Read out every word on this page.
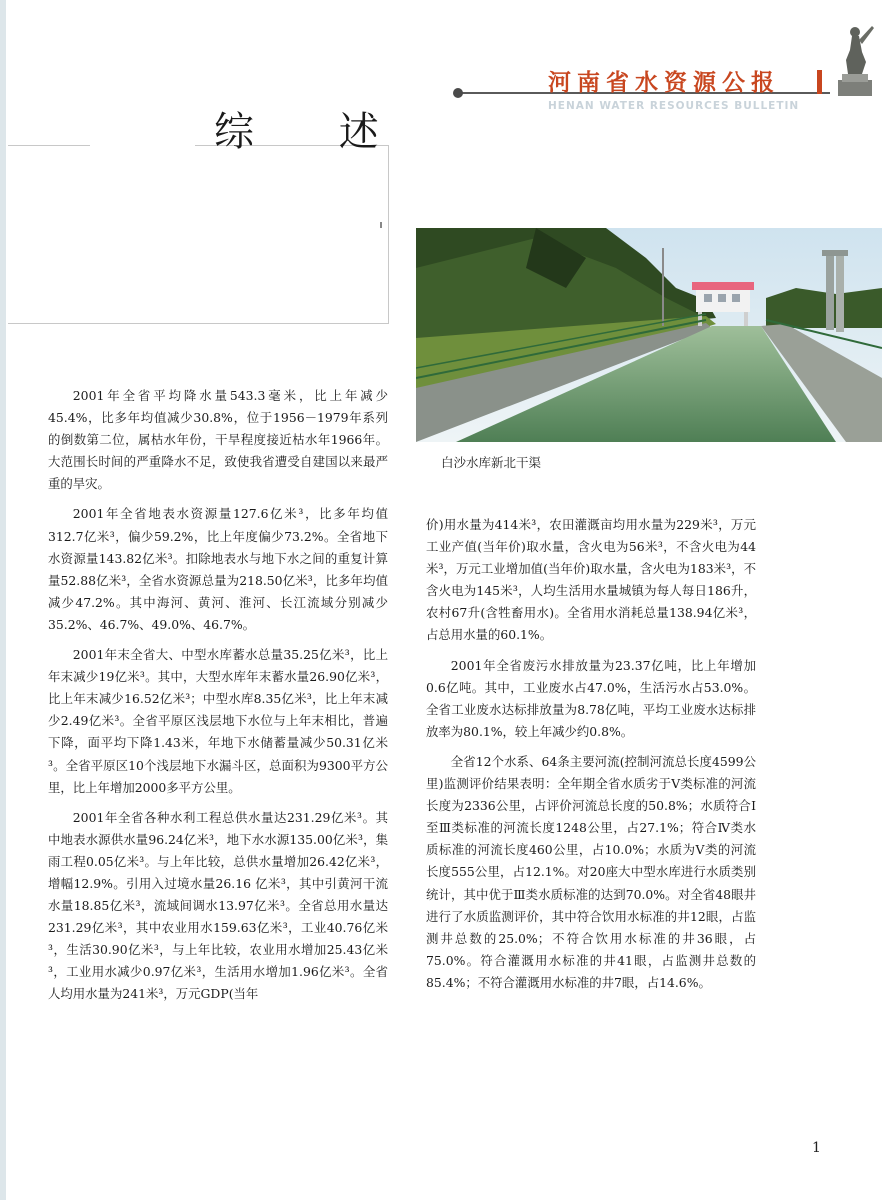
河南省水资源公报
HENAN WATER RESOURCES BULLETIN
综 述
白沙水库新北干渠

2001年全省平均降水量543.3毫米，比上年减少45.4%，比多年均值减少30.8%，位于1956－1979年系列的倒数第二位，属枯水年份，干旱程度接近枯水年1966年。大范围长时间的严重降水不足，致使我省遭受自建国以来最严重的旱灾。

2001年全省地表水资源量127.6亿米³，比多年均值312.7亿米³，偏少59.2%，比上年度偏少73.2%。全省地下水资源量143.82亿米³。扣除地表水与地下水之间的重复计算量52.88亿米³，全省水资源总量为218.50亿米³，比多年均值减少47.2%。其中海河、黄河、淮河、长江流域分别减少35.2%、46.7%、49.0%、46.7%。

2001年末全省大、中型水库蓄水总量35.25亿米³，比上年末减少19亿米³。其中，大型水库年末蓄水量26.90亿米³，比上年末减少16.52亿米³；中型水库8.35亿米³，比上年末减少2.49亿米³。全省平原区浅层地下水位与上年末相比，普遍下降，面平均下降1.43米，年地下水储蓄量减少50.31亿米³。全省平原区10个浅层地下水漏斗区，总面积为9300平方公里，比上年增加2000多平方公里。

2001年全省各种水利工程总供水量达231.29亿米³。其中地表水源供水量96.24亿米³，地下水水源135.00亿米³，集雨工程0.05亿米³。与上年比较，总供水量增加26.42亿米³，增幅12.9%。引用入过境水量26.16 亿米³，其中引黄河干流水量18.85亿米³，流域间调水13.97亿米³。全省总用水量达231.29亿米³，其中农业用水159.63亿米³，工业40.76亿米³，生活30.90亿米³，与上年比较，农业用水增加25.43亿米³，工业用水减少0.97亿米³，生活用水增加1.96亿米³。全省人均用水量为241米³，万元GDP(当年

价)用水量为414米³，农田灌溉亩均用水量为229米³，万元工业产值(当年价)取水量，含火电为56米³，不含火电为44米³，万元工业增加值(当年价)取水量，含火电为183米³，不含火电为145米³，人均生活用水量城镇为每人每日186升，农村67升(含牲畜用水)。全省用水消耗总量138.94亿米³，占总用水量的60.1%。

2001年全省废污水排放量为23.37亿吨，比上年增加0.6亿吨。其中，工业废水占47.0%，生活污水占53.0%。全省工业废水达标排放量为8.78亿吨，平均工业废水达标排放率为80.1%，较上年减少约0.8%。

全省12个水系、64条主要河流(控制河流总长度4599公里)监测评价结果表明：全年期全省水质劣于Ⅴ类标准的河流长度为2336公里，占评价河流总长度的50.8%；水质符合Ⅰ至Ⅲ类标准的河流长度1248公里，占27.1%；符合Ⅳ类水质标准的河流长度460公里，占10.0%；水质为Ⅴ类的河流长度555公里，占12.1%。对20座大中型水库进行水质类别统计，其中优于Ⅲ类水质标准的达到70.0%。对全省48眼井进行了水质监测评价，其中符合饮用水标准的井12眼，占监测井总数的25.0%；不符合饮用水标准的井36眼，占75.0%。符合灌溉用水标准的井41眼，占监测井总数的85.4%；不符合灌溉用水标准的井7眼，占14.6%。

1
